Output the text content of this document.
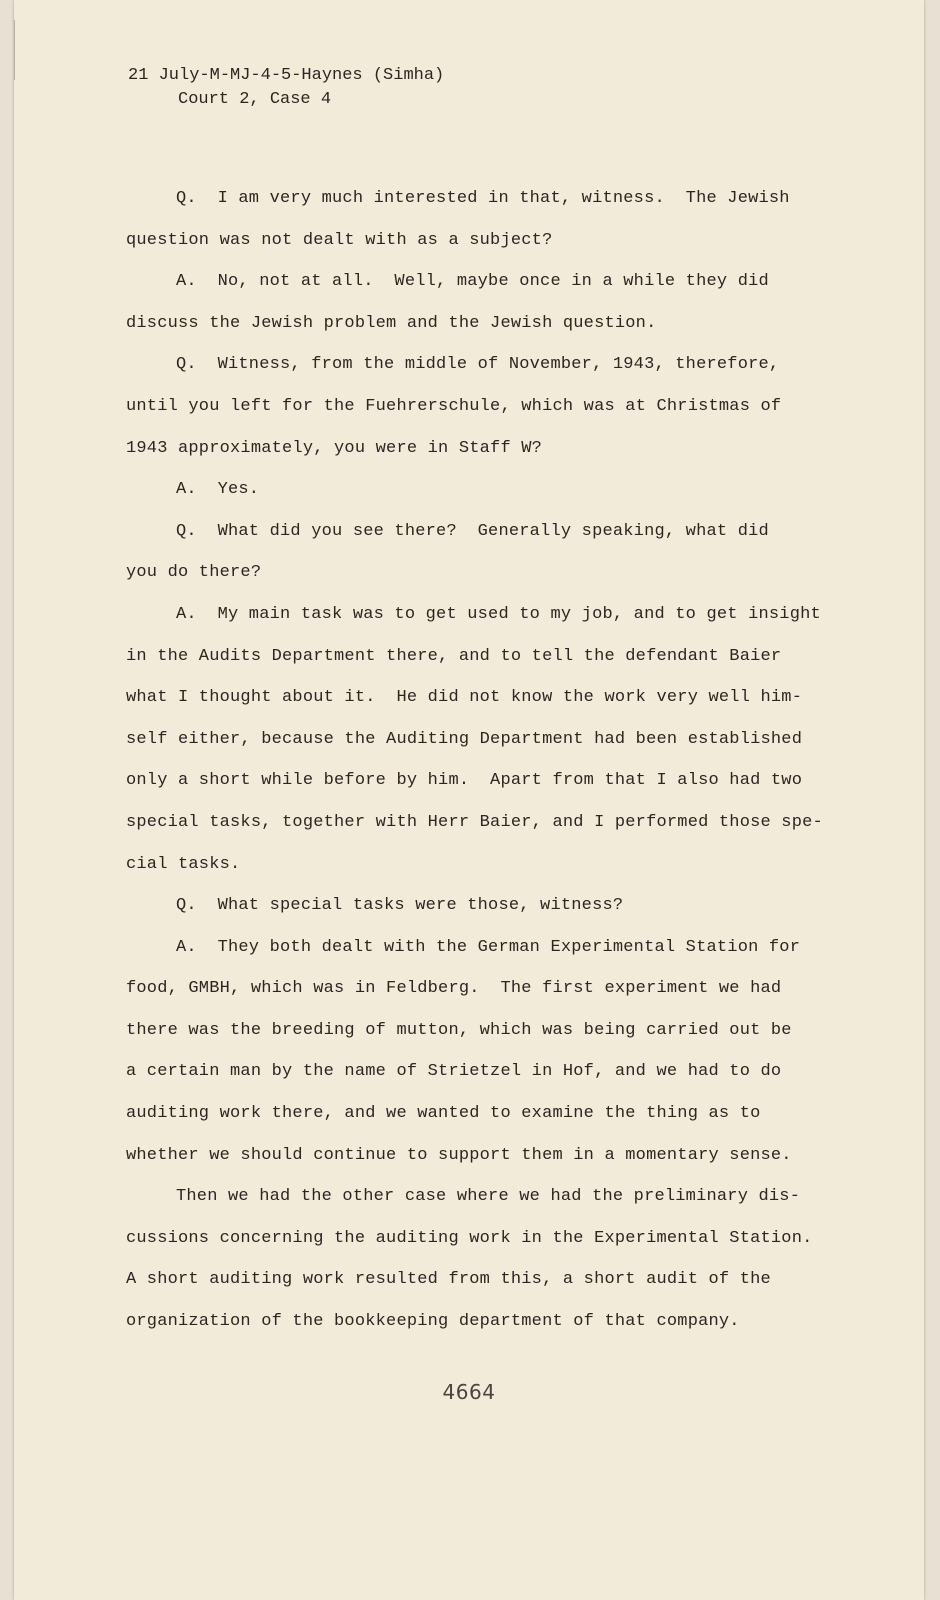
21 July-M-MJ-4-5-Haynes (Simha)
Court 2, Case 4
Q.  I am very much interested in that, witness.  The Jewish
question was not dealt with as a subject?
A.  No, not at all.  Well, maybe once in a while they did
discuss the Jewish problem and the Jewish question.
Q.  Witness, from the middle of November, 1943, therefore,
until you left for the Fuehrerschule, which was at Christmas of
1943 approximately, you were in Staff W?
A.  Yes.
Q.  What did you see there?  Generally speaking, what did
you do there?
A.  My main task was to get used to my job, and to get insight
in the Audits Department there, and to tell the defendant Baier
what I thought about it.  He did not know the work very well him-
self either, because the Auditing Department had been established
only a short while before by him.  Apart from that I also had two
special tasks, together with Herr Baier, and I performed those spe-
cial tasks.
Q.  What special tasks were those, witness?
A.  They both dealt with the German Experimental Station for
food, GMBH, which was in Feldberg.  The first experiment we had
there was the breeding of mutton, which was being carried out be
a certain man by the name of Strietzel in Hof, and we had to do
auditing work there, and we wanted to examine the thing as to
whether we should continue to support them in a momentary sense.
Then we had the other case where we had the preliminary dis-
cussions concerning the auditing work in the Experimental Station.
A short auditing work resulted from this, a short audit of the
organization of the bookkeeping department of that company.
4664
